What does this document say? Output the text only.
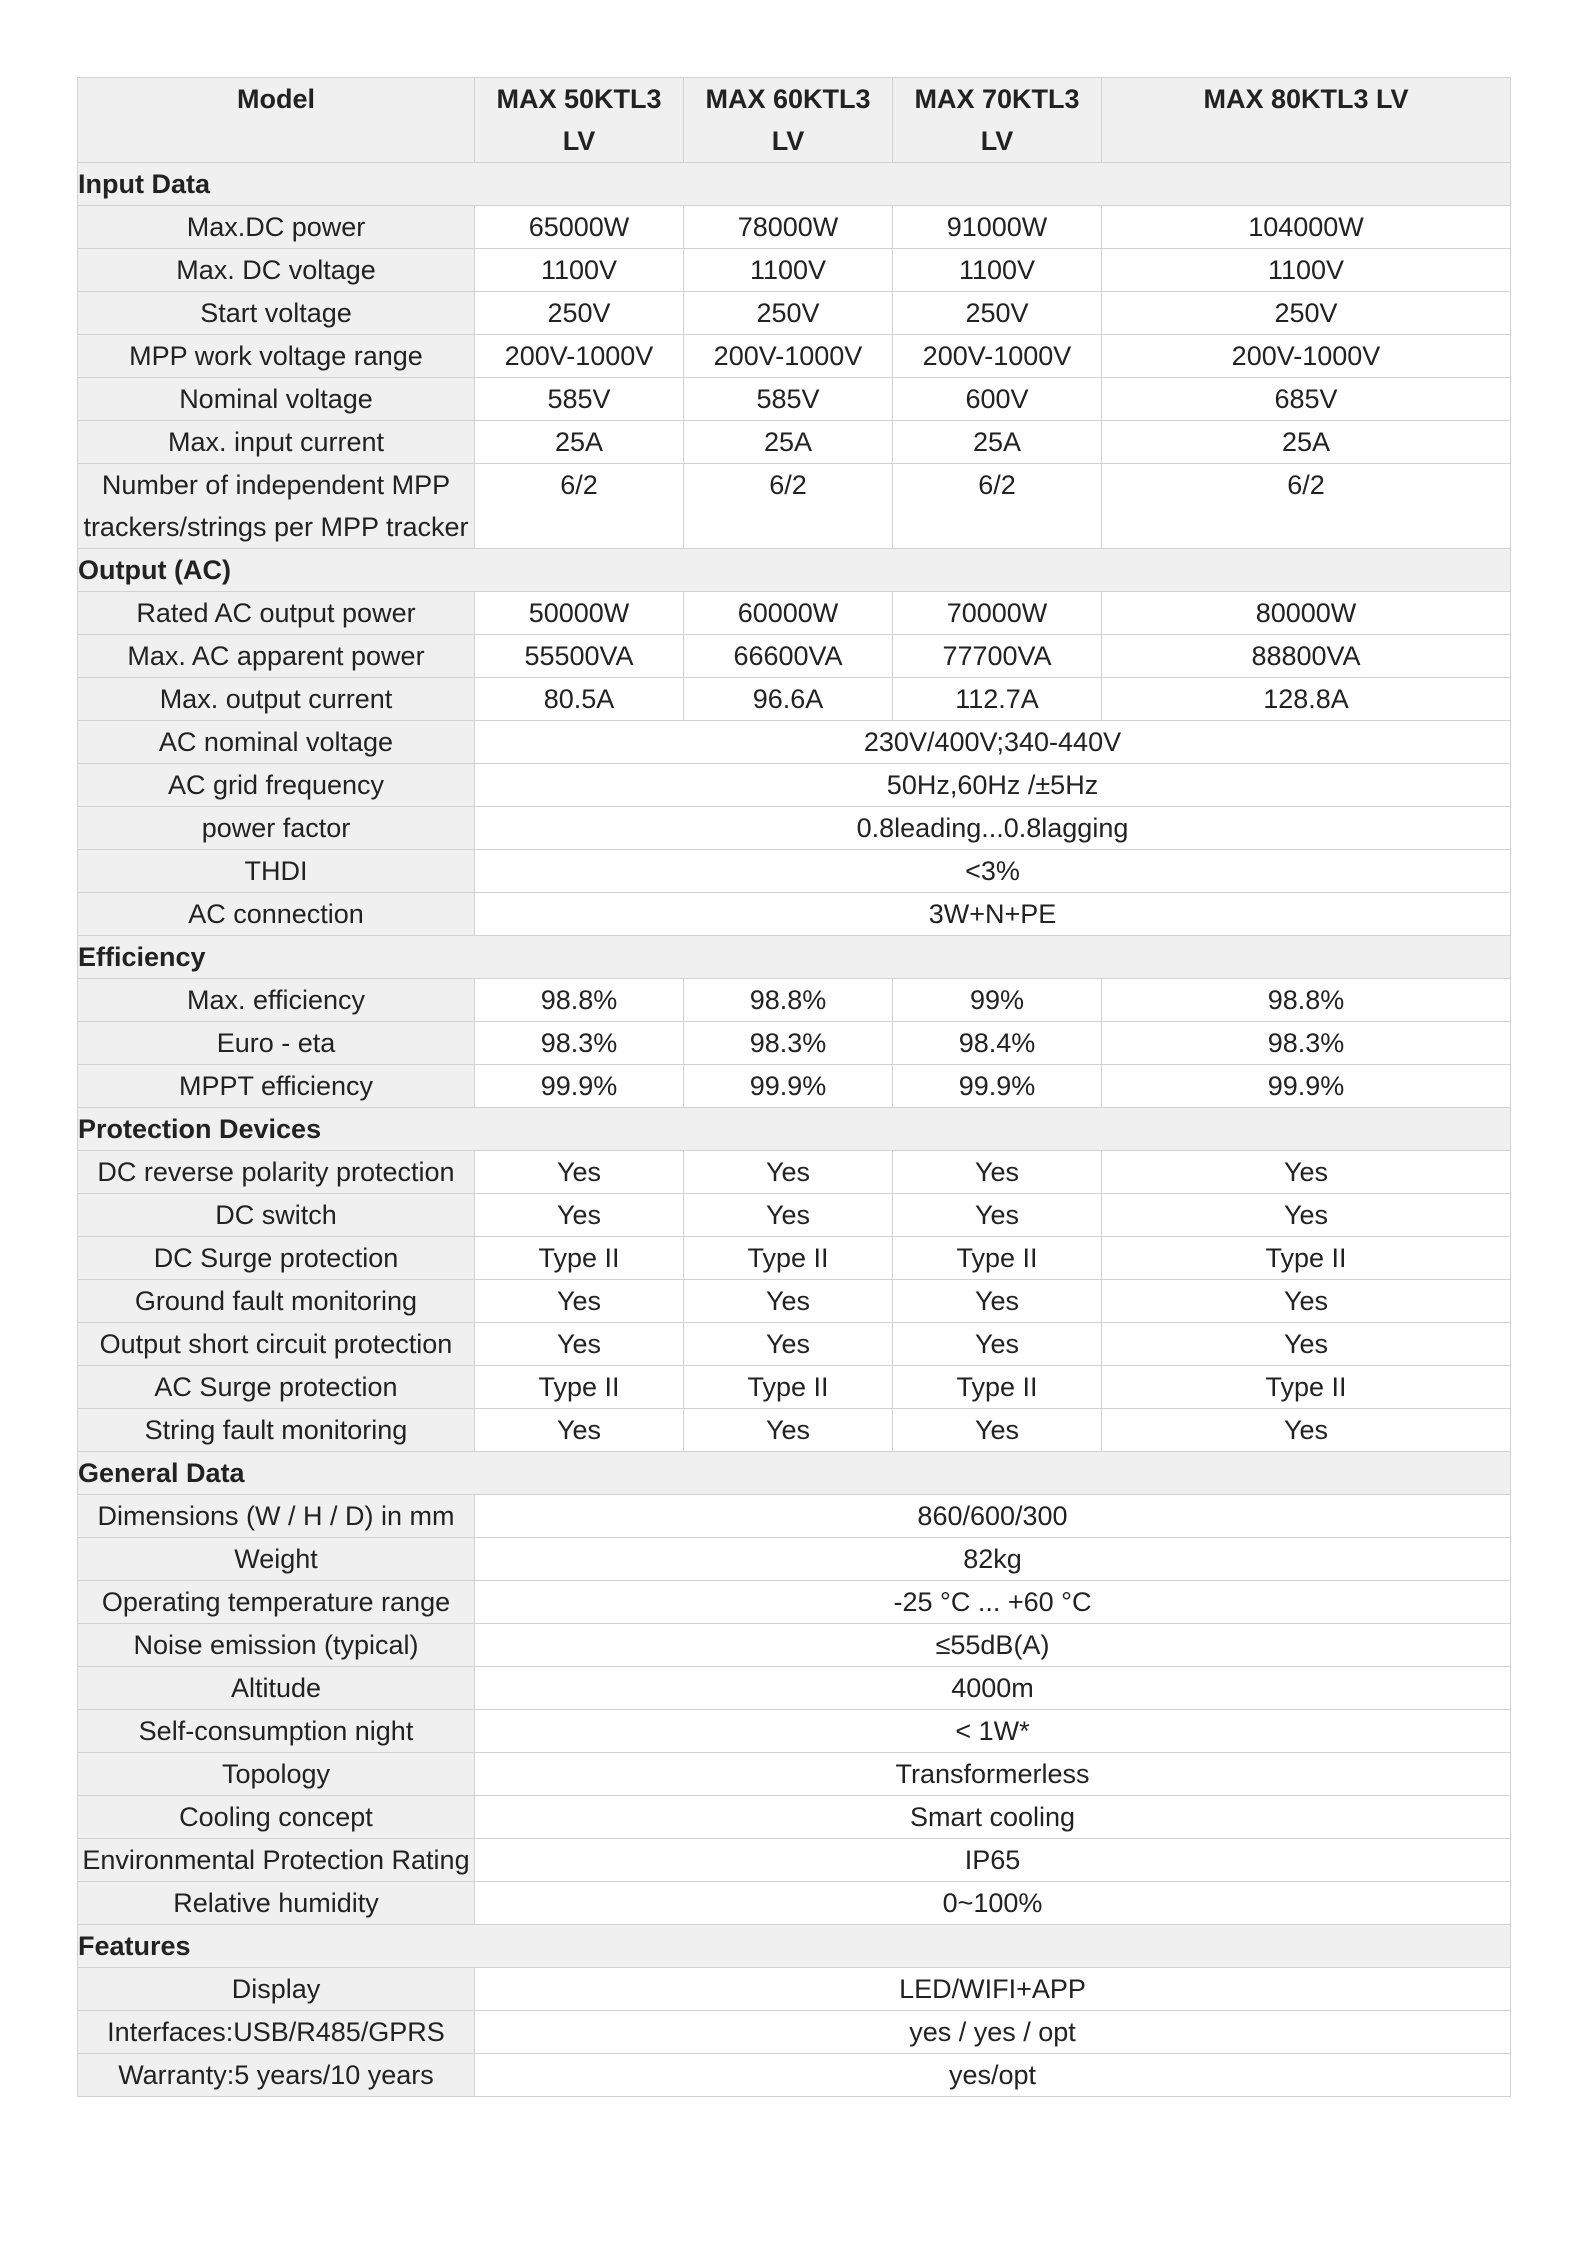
Model	MAX 50KTL3 LV	MAX 60KTL3 LV	MAX 70KTL3 LV	MAX 80KTL3 LV
Input Data				
Max.DC power	65000W	78000W	91000W	104000W
Max. DC voltage	1100V	1100V	1100V	1100V
Start voltage	250V	250V	250V	250V
MPP work voltage range	200V-1000V	200V-1000V	200V-1000V	200V-1000V
Nominal voltage	585V	585V	600V	685V
Max. input current	25A	25A	25A	25A
Number of independent MPP trackers/strings per MPP tracker	6/2	6/2	6/2	6/2
Output (AC)				
Rated AC output power	50000W	60000W	70000W	80000W
Max. AC apparent power	55500VA	66600VA	77700VA	88800VA
Max. output current	80.5A	96.6A	112.7A	128.8A
AC nominal voltage	230V/400V;340-440V			
AC grid frequency	50Hz,60Hz /±5Hz			
power factor	0.8leading...0.8lagging			
THDI	<3%			
AC connection	3W+N+PE			
Efficiency				
Max. efficiency	98.8%	98.8%	99%	98.8%
Euro - eta	98.3%	98.3%	98.4%	98.3%
MPPT efficiency	99.9%	99.9%	99.9%	99.9%
Protection Devices				
DC reverse polarity protection	Yes	Yes	Yes	Yes
DC switch	Yes	Yes	Yes	Yes
DC Surge protection	Type II	Type II	Type II	Type II
Ground fault monitoring	Yes	Yes	Yes	Yes
Output short circuit protection	Yes	Yes	Yes	Yes
AC Surge protection	Type II	Type II	Type II	Type II
String fault monitoring	Yes	Yes	Yes	Yes
General Data				
Dimensions (W / H / D) in mm	860/600/300			
Weight	82kg			
Operating temperature range	-25 °C ... +60 °C			
Noise emission (typical)	≤55dB(A)			
Altitude	4000m			
Self-consumption night	< 1W*			
Topology	Transformerless			
Cooling concept	Smart cooling			
Environmental Protection Rating	IP65			
Relative humidity	0~100%			
Features				
Display	LED/WIFI+APP			
Interfaces:USB/R485/GPRS	yes / yes / opt			
Warranty:5 years/10 years	yes/opt			
